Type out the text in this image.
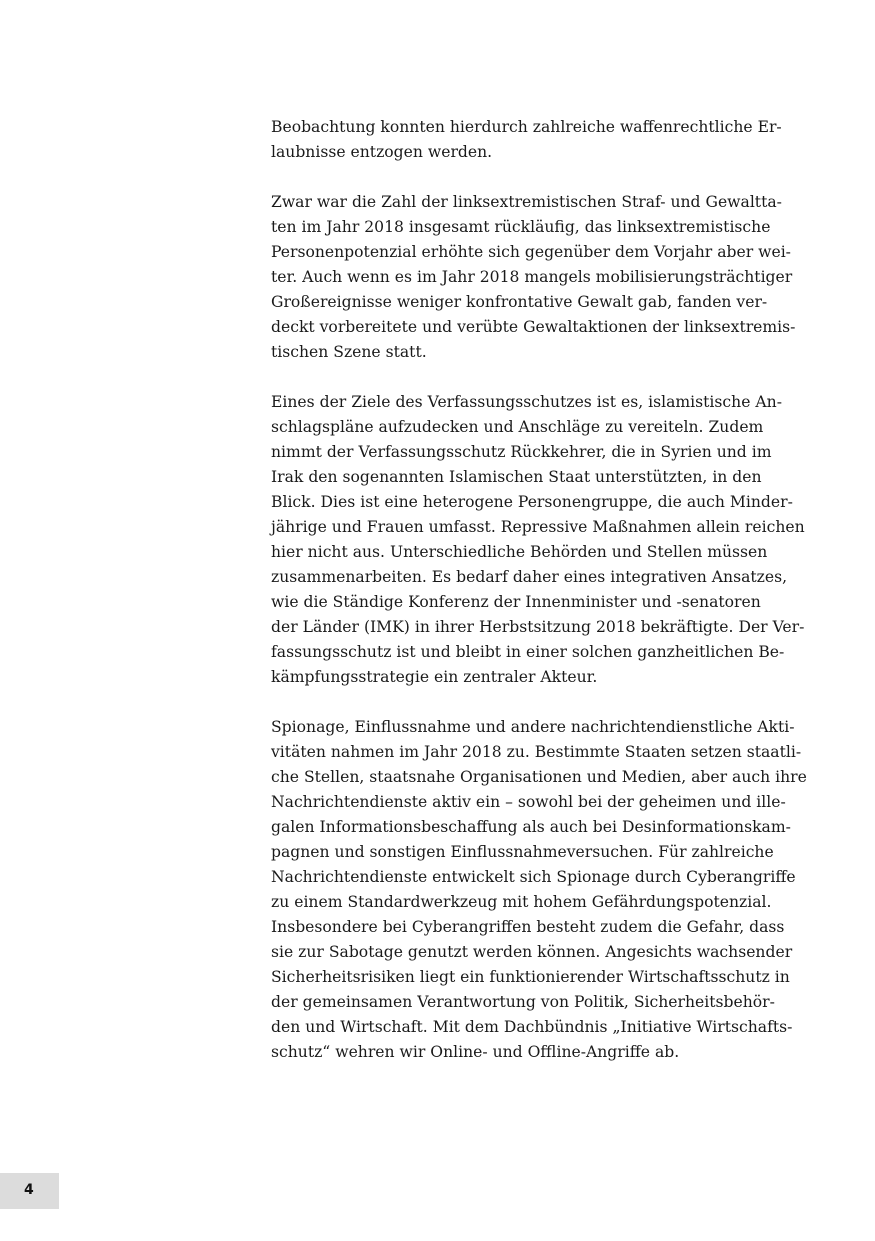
Beobachtung konnten hierdurch zahlreiche waffenrechtliche Er-
laubnisse entzogen werden.
Zwar war die Zahl der linksextremistischen Straf- und Gewaltta-
ten im Jahr 2018 insgesamt rückläufig, das linksextremistische
Personenpotenzial erhöhte sich gegenüber dem Vorjahr aber wei-
ter. Auch wenn es im Jahr 2018 mangels mobilisierungsträchtiger
Großereignisse weniger konfrontative Gewalt gab, fanden ver-
deckt vorbereitete und verübte Gewaltaktionen der linksextremis-
tischen Szene statt.
Eines der Ziele des Verfassungsschutzes ist es, islamistische An-
schlagspläne aufzudecken und Anschläge zu vereiteln. Zudem
nimmt der Verfassungsschutz Rückkehrer, die in Syrien und im
Irak den sogenannten Islamischen Staat unterstützten, in den
Blick. Dies ist eine heterogene Personengruppe, die auch Minder-
jährige und Frauen umfasst. Repressive Maßnahmen allein reichen
hier nicht aus. Unterschiedliche Behörden und Stellen müssen
zusammenarbeiten. Es bedarf daher eines integrativen Ansatzes,
wie die Ständige Konferenz der Innenminister und -senatoren
der Länder (IMK) in ihrer Herbstsitzung 2018 bekräftigte. Der Ver-
fassungsschutz ist und bleibt in einer solchen ganzheitlichen Be-
kämpfungsstrategie ein zentraler Akteur.
Spionage, Einflussnahme und andere nachrichtendienstliche Akti-
vitäten nahmen im Jahr 2018 zu. Bestimmte Staaten setzen staatli-
che Stellen, staatsnahe Organisationen und Medien, aber auch ihre
Nachrichtendienste aktiv ein – sowohl bei der geheimen und ille-
galen Informationsbeschaffung als auch bei Desinformationskam-
pagnen und sonstigen Einflussnahmeversuchen. Für zahlreiche
Nachrichtendienste entwickelt sich Spionage durch Cyberangriffe
zu einem Standardwerkzeug mit hohem Gefährdungspotenzial.
Insbesondere bei Cyberangriffen besteht zudem die Gefahr, dass
sie zur Sabotage genutzt werden können. Angesichts wachsender
Sicherheitsrisiken liegt ein funktionierender Wirtschaftsschutz in
der gemeinsamen Verantwortung von Politik, Sicherheitsbehör-
den und Wirtschaft. Mit dem Dachbündnis „Initiative Wirtschafts-
schutz“ wehren wir Online- und Offline-Angriffe ab.
4
